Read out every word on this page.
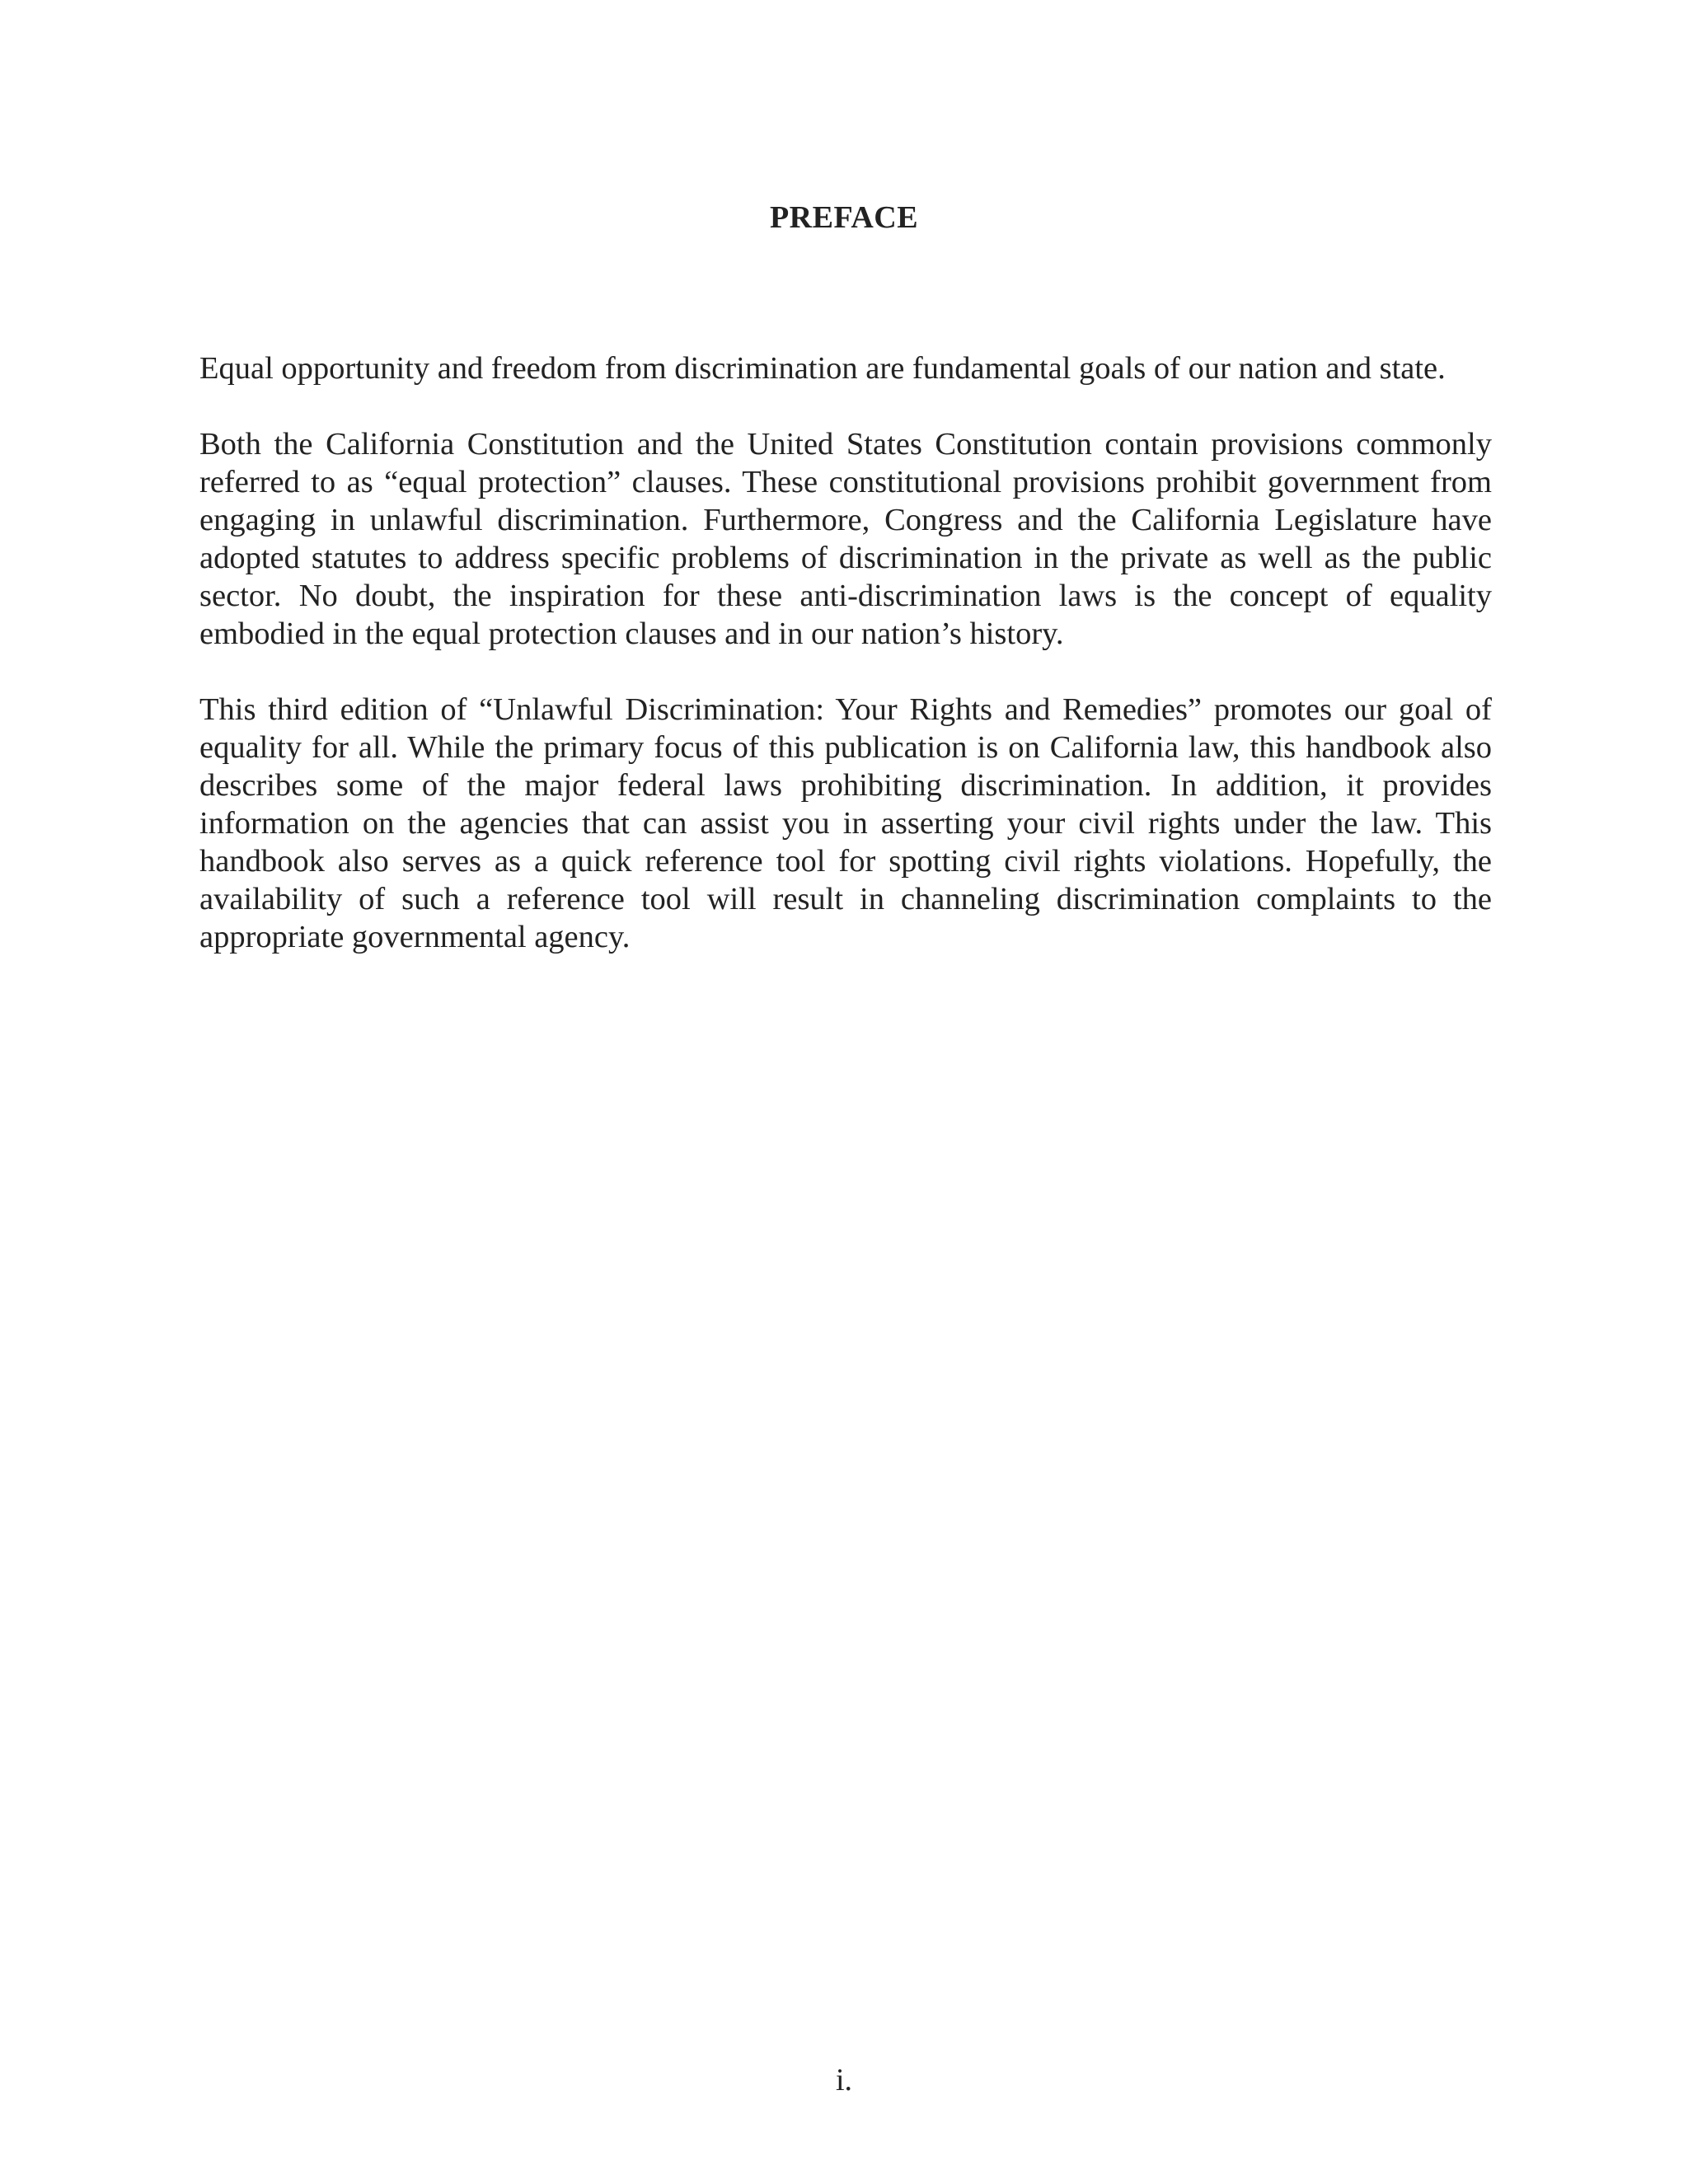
PREFACE
Equal opportunity and freedom from discrimination are fundamental goals of our nation and state.
Both the California Constitution and the United States Constitution contain provisions commonly referred to as “equal protection” clauses. These constitutional provisions prohibit government from engaging in unlawful discrimination. Furthermore, Congress and the California Legislature have adopted statutes to address specific problems of discrimination in the private as well as the public sector. No doubt, the inspiration for these anti-discrimination laws is the concept of equality embodied in the equal protection clauses and in our nation’s history.
This third edition of “Unlawful Discrimination: Your Rights and Remedies” promotes our goal of equality for all. While the primary focus of this publication is on California law, this handbook also describes some of the major federal laws prohibiting discrimination. In addition, it provides information on the agencies that can assist you in asserting your civil rights under the law. This handbook also serves as a quick reference tool for spotting civil rights violations. Hopefully, the availability of such a reference tool will result in channeling discrimination complaints to the appropriate governmental agency.
i.
